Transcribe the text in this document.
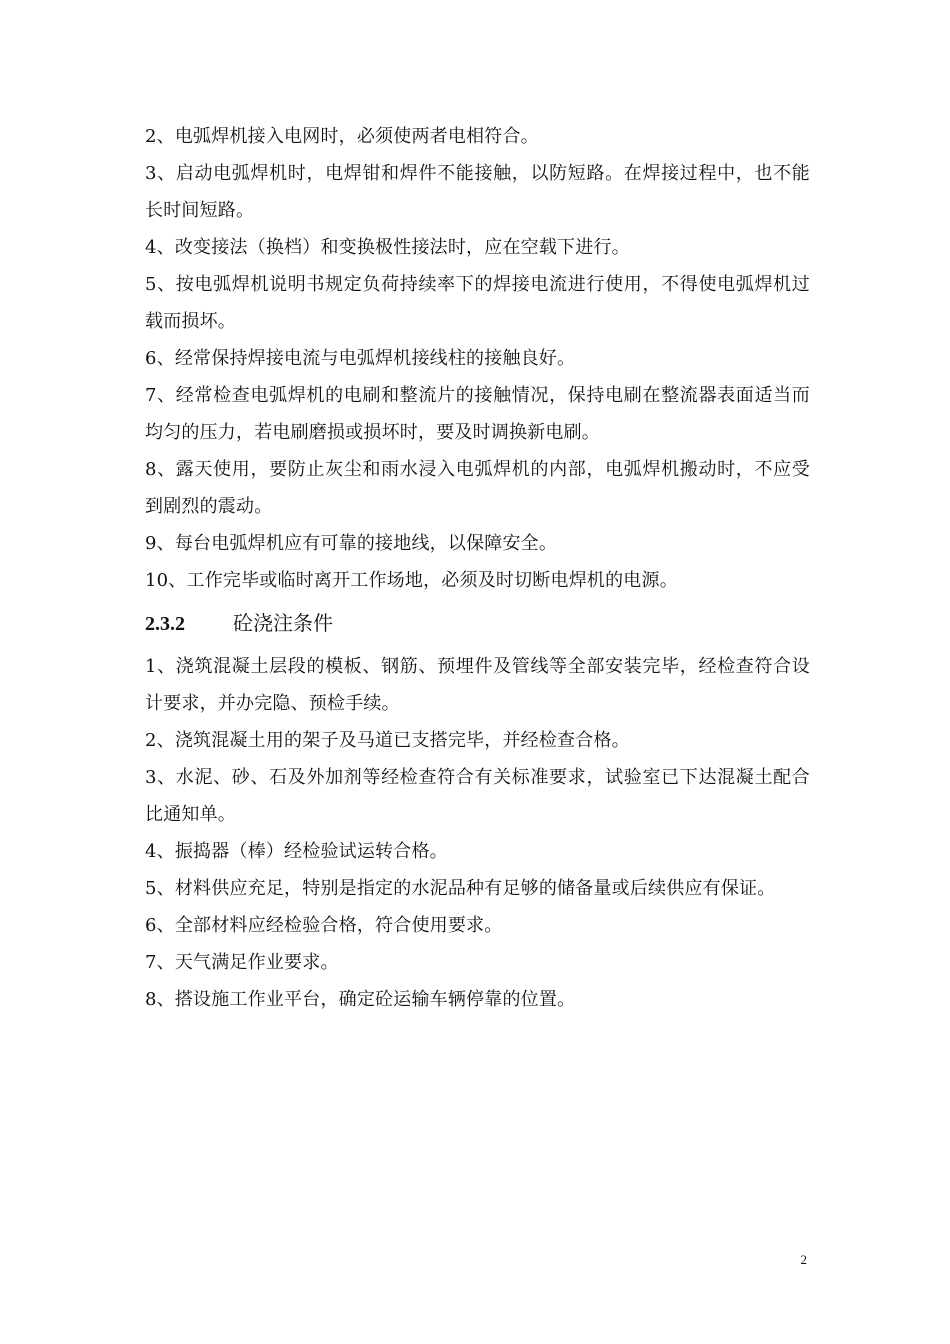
2、电弧焊机接入电网时，必须使两者电相符合。

3、启动电弧焊机时，电焊钳和焊件不能接触，以防短路。在焊接过程中，也不能长时间短路。

4、改变接法（换档）和变换极性接法时，应在空载下进行。

5、按电弧焊机说明书规定负荷持续率下的焊接电流进行使用，不得使电弧焊机过载而损坏。

6、经常保持焊接电流与电弧焊机接线柱的接触良好。

7、经常检查电弧焊机的电刷和整流片的接触情况，保持电刷在整流器表面适当而均匀的压力，若电刷磨损或损坏时，要及时调换新电刷。

8、露天使用，要防止灰尘和雨水浸入电弧焊机的内部，电弧焊机搬动时，不应受到剧烈的震动。

9、每台电弧焊机应有可靠的接地线，以保障安全。

10、工作完毕或临时离开工作场地，必须及时切断电焊机的电源。

2.3.2	砼浇注条件

1、浇筑混凝土层段的模板、钢筋、预埋件及管线等全部安装完毕，经检查符合设计要求，并办完隐、预检手续。

2、浇筑混凝土用的架子及马道已支搭完毕，并经检查合格。

3、水泥、砂、石及外加剂等经检查符合有关标准要求，试验室已下达混凝土配合比通知单。

4、振捣器（棒）经检验试运转合格。

5、材料供应充足，特别是指定的水泥品种有足够的储备量或后续供应有保证。

6、全部材料应经检验合格，符合使用要求。

7、天气满足作业要求。

8、搭设施工作业平台，确定砼运输车辆停靠的位置。

2
